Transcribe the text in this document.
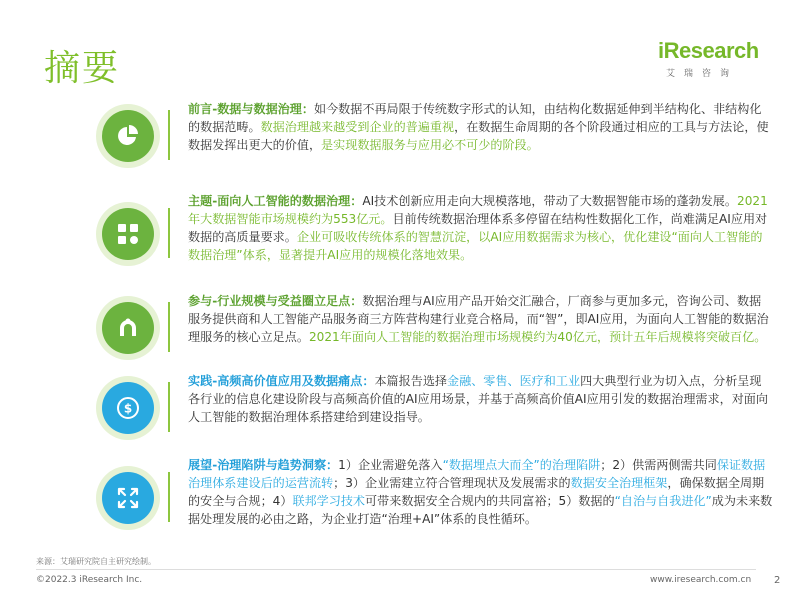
摘要	iResearch
艾瑞咨询
前言-数据与数据治理：如今数据不再局限于传统数字形式的认知，由结构化数据延伸到半结构化、非结构化的数据范畴。数据治理越来越受到企业的普遍重视，在数据生命周期的各个阶段通过相应的工具与方法论，使数据发挥出更大的价值，是实现数据服务与应用必不可少的阶段。
主题-面向人工智能的数据治理：AI技术创新应用走向大规模落地，带动了大数据智能市场的蓬勃发展。2021年大数据智能市场规模约为553亿元。目前传统数据治理体系多停留在结构性数据化工作，尚难满足AI应用对数据的高质量要求。企业可吸收传统体系的智慧沉淀，以AI应用数据需求为核心，优化建设“面向人工智能的数据治理”体系，显著提升AI应用的规模化落地效果。
参与-行业规模与受益圈立足点：数据治理与AI应用产品开始交汇融合，厂商参与更加多元，咨询公司、数据服务提供商和人工智能产品服务商三方阵营构建行业竞合格局，而“智”，即AI应用，为面向人工智能的数据治理服务的核心立足点。2021年面向人工智能的数据治理市场规模约为40亿元，预计五年后规模将突破百亿。
$
实践-高频高价值应用及数据痛点：本篇报告选择金融、零售、医疗和工业四大典型行业为切入点，分析呈现各行业的信息化建设阶段与高频高价值的AI应用场景，并基于高频高价值AI应用引发的数据治理需求，对面向人工智能的数据治理体系搭建给到建设指导。
展望-治理陷阱与趋势洞察：1）企业需避免落入“数据埋点大而全”的治理陷阱；2）供需两侧需共同保证数据治理体系建设后的运营流转；3）企业需建立符合管理现状及发展需求的数据安全治理框架，确保数据全周期的安全与合规；4）联邦学习技术可带来数据安全合规内的共同富裕；5）数据的“自治与自我进化”成为未来数据处理发展的必由之路，为企业打造“治理+AI”体系的良性循环。
来源：艾瑞研究院自主研究绘制。
©2022.3 iResearch Inc.	www.iresearch.com.cn 2
